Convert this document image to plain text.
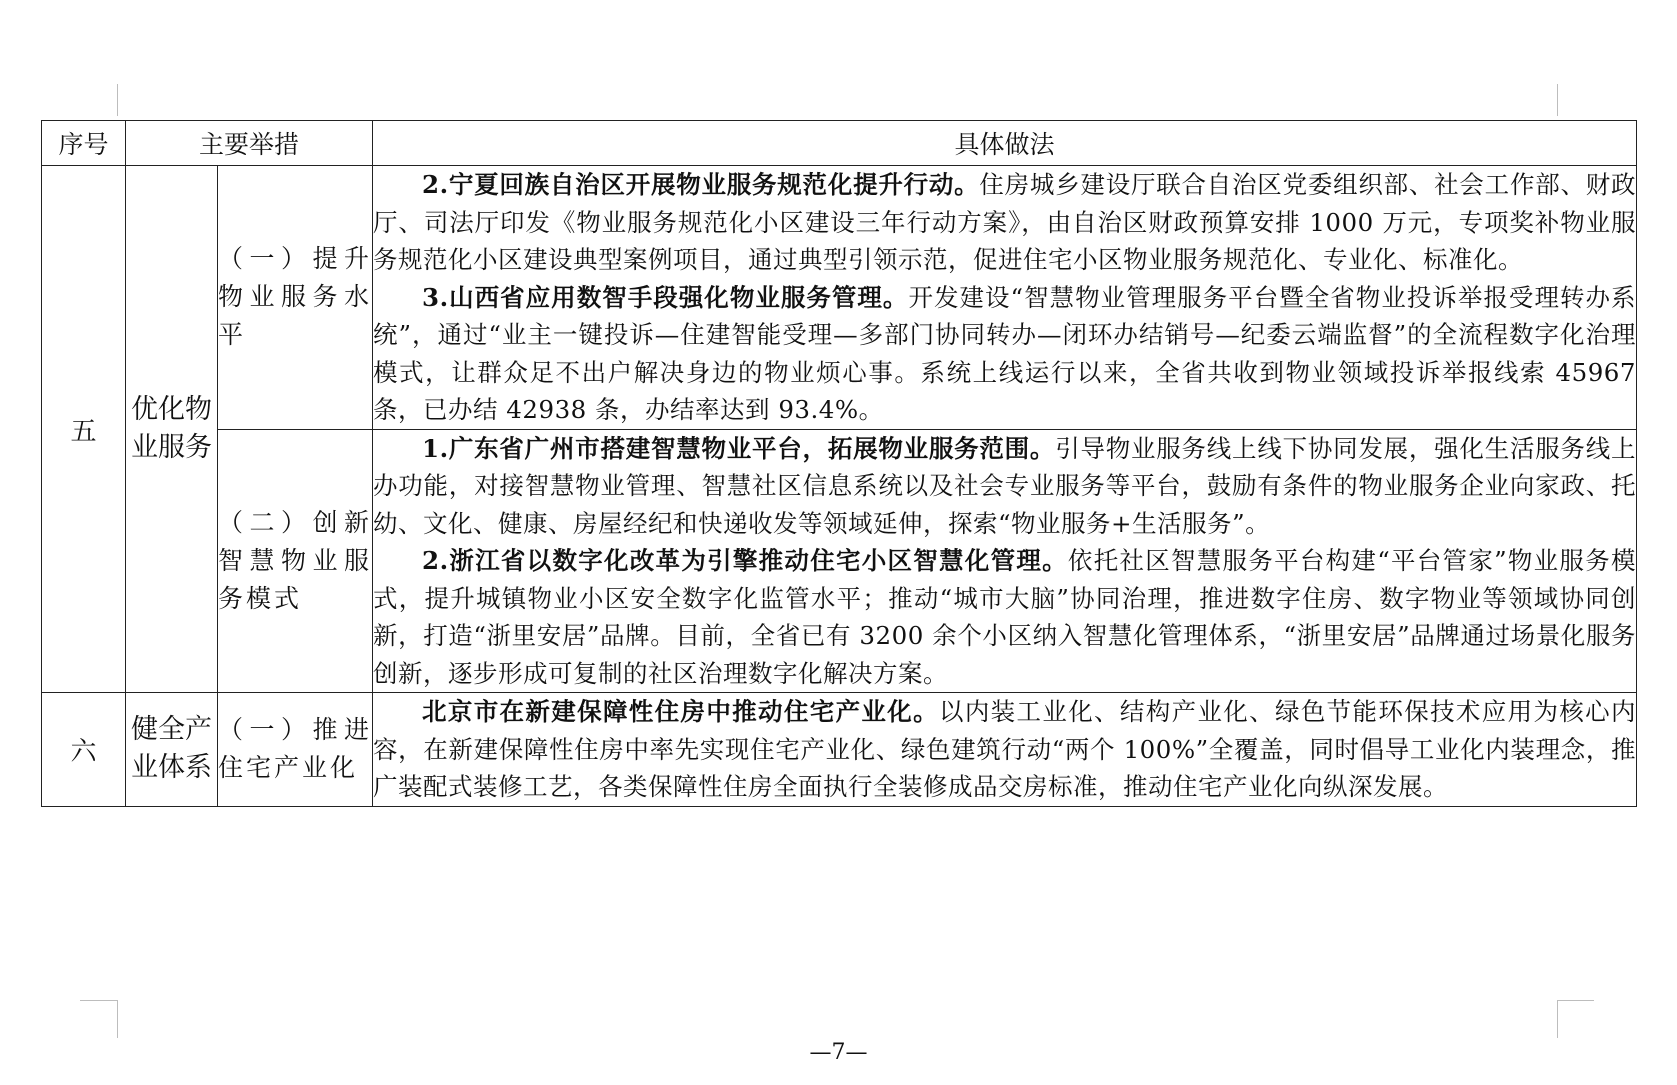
序号	主要举措		具体做法
五	优化物业服务	（一）提升物业服务水平	2.宁夏回族自治区开展物业服务规范化提升行动。住房城乡建设厅联合自治区党委组织部、社会工作部、财政厅、司法厅印发《物业服务规范化小区建设三年行动方案》，由自治区财政预算安排 1000 万元，专项奖补物业服务规范化小区建设典型案例项目，通过典型引领示范，促进住宅小区物业服务规范化、专业化、标准化。

3.山西省应用数智手段强化物业服务管理。开发建设“智慧物业管理服务平台暨全省物业投诉举报受理转办系统”，通过“业主一键投诉—住建智能受理—多部门协同转办—闭环办结销号—纪委云端监督”的全流程数字化治理模式，让群众足不出户解决身边的物业烦心事。系统上线运行以来，全省共收到物业领域投诉举报线索 45967 条，已办结 42938 条，办结率达到 93.4%。

		（二）创新智慧物业服务模式	1.广东省广州市搭建智慧物业平台，拓展物业服务范围。引导物业服务线上线下协同发展，强化生活服务线上办功能，对接智慧物业管理、智慧社区信息系统以及社会专业服务等平台，鼓励有条件的物业服务企业向家政、托幼、文化、健康、房屋经纪和快递收发等领域延伸，探索“物业服务+生活服务”。

2.浙江省以数字化改革为引擎推动住宅小区智慧化管理。依托社区智慧服务平台构建“平台管家”物业服务模式，提升城镇物业小区安全数字化监管水平；推动“城市大脑”协同治理，推进数字住房、数字物业等领域协同创新，打造“浙里安居”品牌。目前，全省已有 3200 余个小区纳入智慧化管理体系，“浙里安居”品牌通过场景化服务创新，逐步形成可复制的社区治理数字化解决方案。

六	健全产业体系	（一）推进住宅产业化	北京市在新建保障性住房中推动住宅产业化。以内装工业化、结构产业化、绿色节能环保技术应用为核心内容，在新建保障性住房中率先实现住宅产业化、绿色建筑行动“两个 100%”全覆盖，同时倡导工业化内装理念，推广装配式装修工艺，各类保障性住房全面执行全装修成品交房标准，推动住宅产业化向纵深发展。

—7—
